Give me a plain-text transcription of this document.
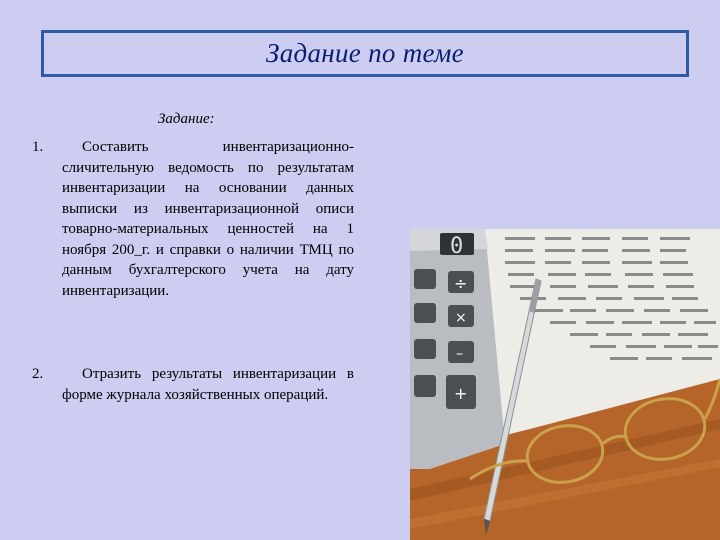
Задание по теме
Задание:
1.	Составить инвентаризационно-сличительную ведомость по результатам инвентаризации на основании данных выписки из инвентаризационной описи товарно-материальных ценностей на 1 ноября 200_г. и справки о наличии ТМЦ по данным бухгалтерского учета на дату инвентаризации.
2.	Отразить результаты инвентаризации в форме журнала хозяйственных операций.
0
÷
×
–
+
